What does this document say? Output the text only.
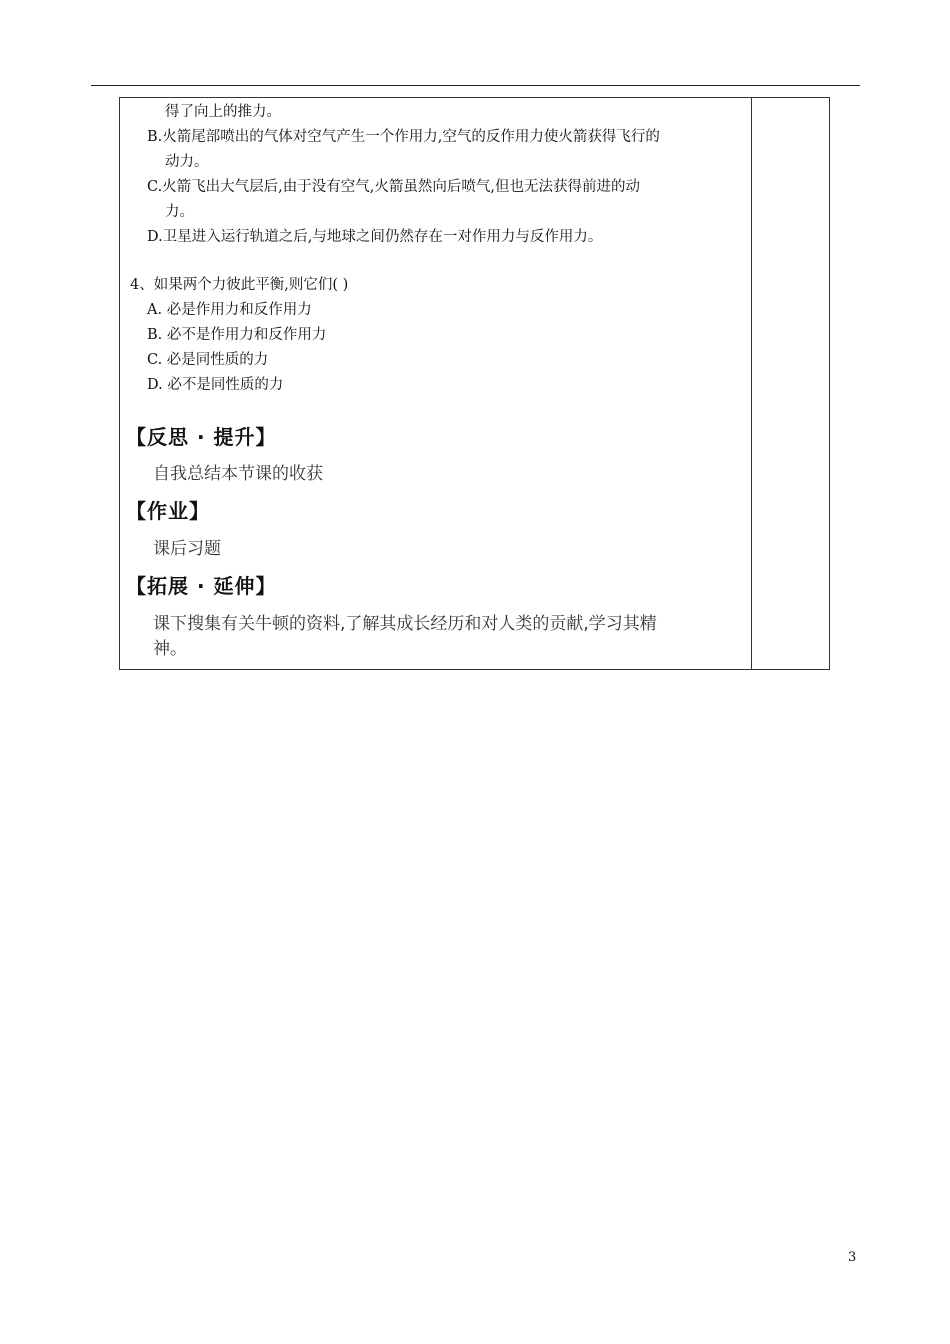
得了向上的推力。
B.火箭尾部喷出的气体对空气产生一个作用力,空气的反作用力使火箭获得飞行的
动力。
C.火箭飞出大气层后,由于没有空气,火箭虽然向后喷气,但也无法获得前进的动
力。
D.卫星进入运行轨道之后,与地球之间仍然存在一对作用力与反作用力。
4、如果两个力彼此平衡,则它们( )
A. 必是作用力和反作用力
B. 必不是作用力和反作用力
C. 必是同性质的力
D. 必不是同性质的力
【反思 · 提升】
自我总结本节课的收获
【作业】
课后习题
【拓展 · 延伸】
课下搜集有关牛顿的资料,了解其成长经历和对人类的贡献,学习其精
神。
3
